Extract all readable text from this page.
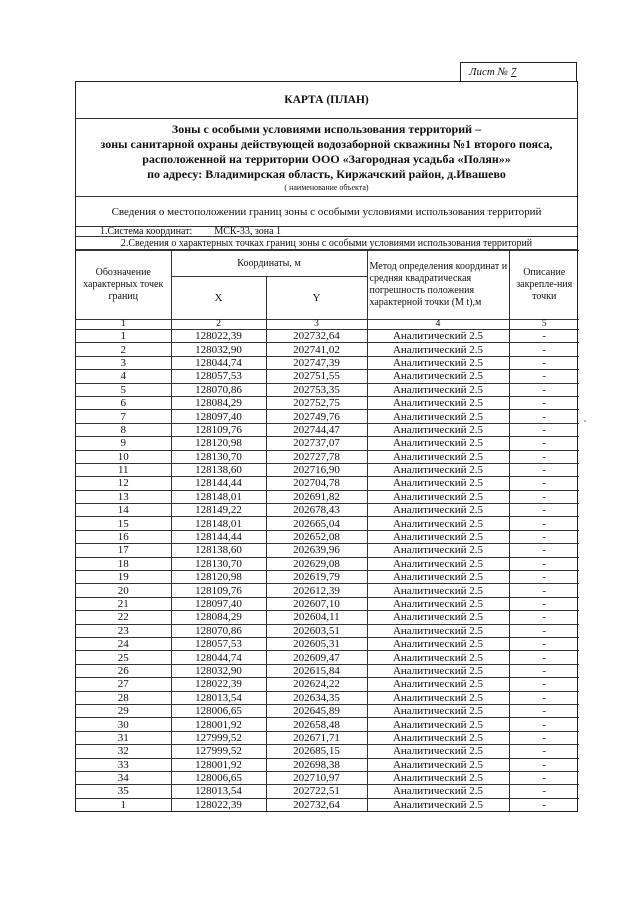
Лист № 7
КАРТА (ПЛАН)
Зоны с особыми условиями использования территорий –
зоны санитарной охраны действующей водозаборной скважины №1 второго пояса,
расположенной на территории ООО «Загородная усадьба «Полян»»
по адресу: Владимирская область, Киржачский район, д.Ивашево
( наименование объекта)
Сведения о местоположении границ зоны с особыми условиями использования территорий
1.Система координат: МСК-33, зона 1
2.Сведения о характерных точках границ зоны с особыми условиями использования территорий
Обозначение характерных точек границ	Координаты, м		Метод определения координат и средняя квадратическая погрешность положения характерной точки (M t),м	Описание закрепле-ния точки
	X	Y		
1	2	3	4	5
1	128022,39	202732,64	Аналитический 2.5	-
2	128032,90	202741,02	Аналитический 2.5	-
3	128044,74	202747,39	Аналитический 2.5	-
4	128057,53	202751,55	Аналитический 2.5	-
5	128070,86	202753,35	Аналитический 2.5	-
6	128084,29	202752,75	Аналитический 2.5	-
7	128097,40	202749,76	Аналитический 2.5	-
8	128109,76	202744,47	Аналитический 2.5	-
9	128120,98	202737,07	Аналитический 2.5	-
10	128130,70	202727,78	Аналитический 2.5	-
11	128138,60	202716,90	Аналитический 2.5	-
12	128144,44	202704,78	Аналитический 2.5	-
13	128148,01	202691,82	Аналитический 2.5	-
14	128149,22	202678,43	Аналитический 2.5	-
15	128148,01	202665,04	Аналитический 2.5	-
16	128144,44	202652,08	Аналитический 2.5	-
17	128138,60	202639,96	Аналитический 2.5	-
18	128130,70	202629,08	Аналитический 2.5	-
19	128120,98	202619,79	Аналитический 2.5	-
20	128109,76	202612,39	Аналитический 2.5	-
21	128097,40	202607,10	Аналитический 2.5	-
22	128084,29	202604,11	Аналитический 2.5	-
23	128070,86	202603,51	Аналитический 2.5	-
24	128057,53	202605,31	Аналитический 2.5	-
25	128044,74	202609,47	Аналитический 2.5	-
26	128032,90	202615,84	Аналитический 2.5	-
27	128022,39	202624,22	Аналитический 2.5	-
28	128013,54	202634,35	Аналитический 2.5	-
29	128006,65	202645,89	Аналитический 2.5	-
30	128001,92	202658,48	Аналитический 2.5	-
31	127999,52	202671,71	Аналитический 2.5	-
32	127999,52	202685,15	Аналитический 2.5	-
33	128001,92	202698,38	Аналитический 2.5	-
34	128006,65	202710,97	Аналитический 2.5	-
35	128013,54	202722,51	Аналитический 2.5	-
1	128022,39	202732,64	Аналитический 2.5	-
